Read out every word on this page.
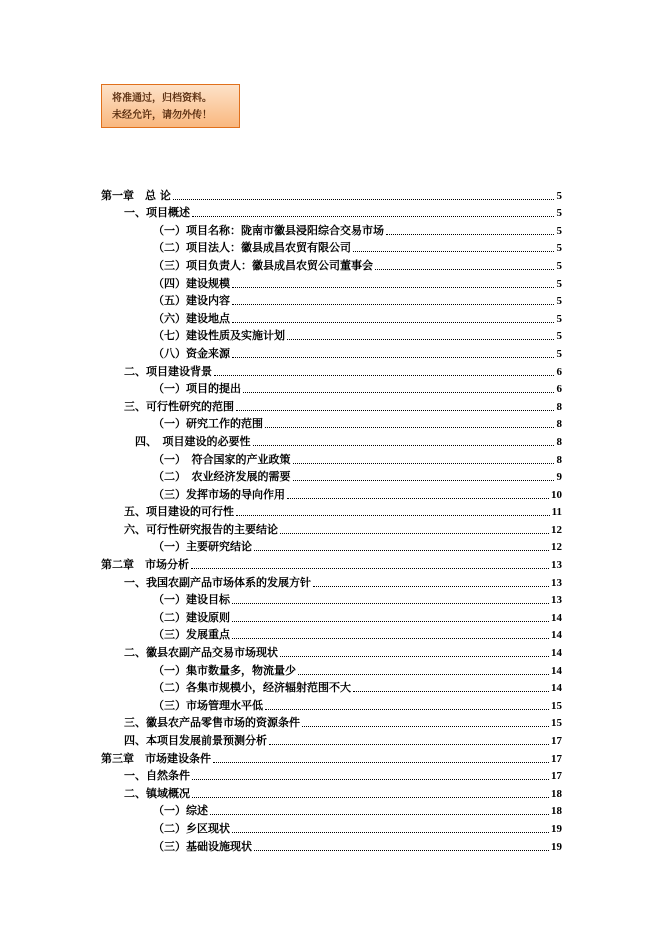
将准通过，归档资料。
未经允许，请勿外传！
第一章　总 论	5
一、项目概述	5
（一）项目名称：陇南市徽县浸阳综合交易市场	5
（二）项目法人：徽县成昌农贸有限公司	5
（三）项目负责人：徽县成昌农贸公司董事会	5
（四）建设规模	5
（五）建设内容	5
（六）建设地点	5
（七）建设性质及实施计划	5
（八）资金来源	5
二、项目建设背景	6
（一）项目的提出	6
三、可行性研究的范围	8
（一）研究工作的范围	8
　四、　项目建设的必要性	8
（一）　符合国家的产业政策	8
（二）　农业经济发展的需要	9
（三）发挥市场的导向作用	10
五、项目建设的可行性	11
六、可行性研究报告的主要结论	12
（一）主要研究结论	12
第二章　市场分析	13
一、我国农副产品市场体系的发展方针	13
（一）建设目标	13
（二）建设原则	14
（三）发展重点	14
二、徽县农副产品交易市场现状	14
（一）集市数量多，物流量少	14
（二）各集市规模小，经济辐射范围不大	14
（三）市场管理水平低	15
三、徽县农产品零售市场的资源条件	15
四、本项目发展前景预测分析	17
第三章　市场建设条件	17
一、自然条件	17
二、镇域概况	18
（一）综述	18
（二）乡区现状	19
（三）基础设施现状	19
